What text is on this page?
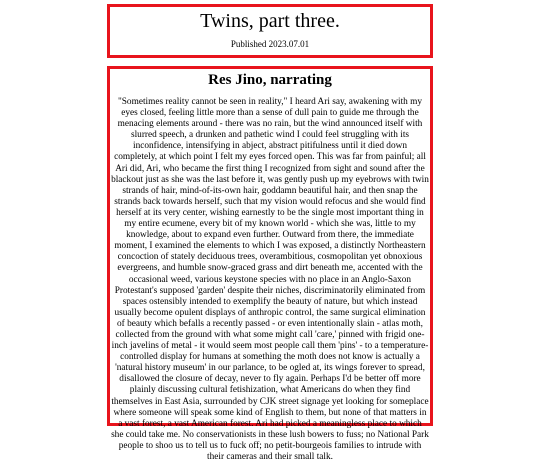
Twins, part three.
Published 2023.07.01
Res Jino, narrating
"Sometimes reality cannot be seen in reality," I heard Ari say, awakening with my eyes closed, feeling little more than a sense of dull pain to guide me through the menacing elements around - there was no rain, but the wind announced itself with slurred speech, a drunken and pathetic wind I could feel struggling with its inconfidence, intensifying in abject, abstract pitifulness until it died down completely, at which point I felt my eyes forced open. This was far from painful; all Ari did, Ari, who became the first thing I recognized from sight and sound after the blackout just as she was the last before it, was gently push up my eyebrows with twin strands of hair, mind-of-its-own hair, goddamn beautiful hair, and then snap the strands back towards herself, such that my vision would refocus and she would find herself at its very center, wishing earnestly to be the single most important thing in my entire ecumene, every bit of my known world - which she was, little to my knowledge, about to expand even further. Outward from there, the immediate moment, I examined the elements to which I was exposed, a distinctly Northeastern concoction of stately deciduous trees, overambitious, cosmopolitan yet obnoxious evergreens, and humble snow-graced grass and dirt beneath me, accented with the occasional weed, various keystone species with no place in an Anglo-Saxon Protestant's supposed 'garden' despite their niches, discriminatorily eliminated from spaces ostensibly intended to exemplify the beauty of nature, but which instead usually become opulent displays of anthropic control, the same surgical elimination of beauty which befalls a recently passed - or even intentionally slain - atlas moth, collected from the ground with what some might call 'care,' pinned with frigid one-inch javelins of metal - it would seem most people call them 'pins' - to a temperature-controlled display for humans at something the moth does not know is actually a 'natural history museum' in our parlance, to be ogled at, its wings forever to spread, disallowed the closure of decay, never to fly again. Perhaps I'd be better off more plainly discussing cultural fetishization, what Americans do when they find themselves in East Asia, surrounded by CJK street signage yet looking for someplace where someone will speak some kind of English to them, but none of that matters in a vast forest, a vast American forest. Ari had picked a meaningless place to which she could take me. No conservationists in these lush bowers to fuss; no National Park people to shoo us to tell us to fuck off; no petit-bourgeois families to intrude with their cameras and their small talk.
